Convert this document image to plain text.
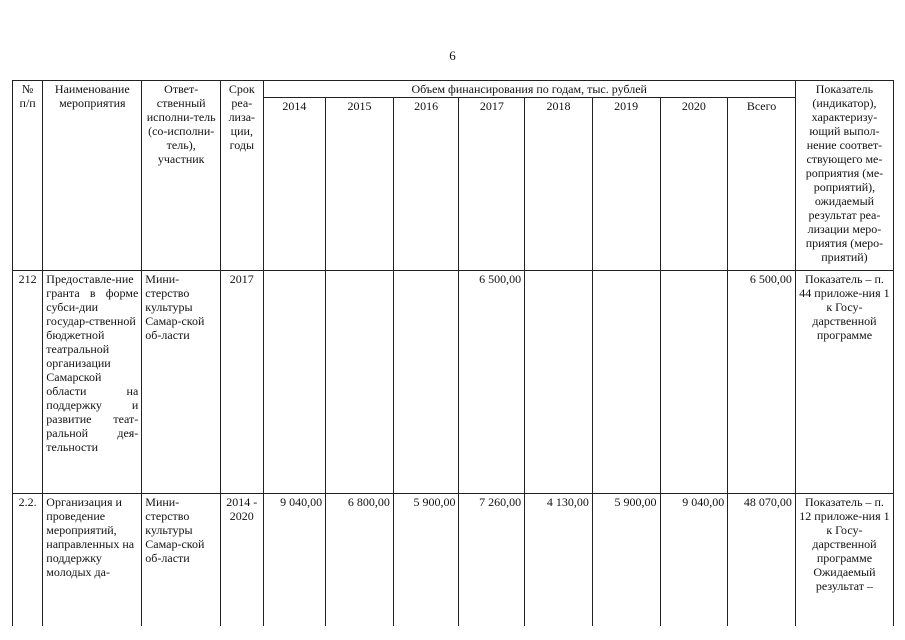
6
№ п/п	Наименование мероприятия	Ответ-ственный исполни-тель (со-исполни-тель), участник	Срок реа-лиза-ции, годы	Объем финансирования по годам, тыс. рублей								Показатель (индикатор), характеризу-ющий выпол-нение соответ-ствующего ме-роприятия (ме-роприятий), ожидаемый результат реа-лизации меро-приятия (меро-приятий)
				2014	2015	2016	2017	2018	2019	2020	Всего	
212	Предоставле-ние гранта в форме субси-дии государ-ственной бюджетной театральной организации Самарской области на поддержку и развитие теат-ральной дея-тельности	Мини-стерство культуры Самар-ской об-ласти	2017				6 500,00				6 500,00	Показатель – п. 44 приложе-ния 1 к Госу-дарственной программе
2.2.	Организация и проведение мероприятий, направленных на поддержку молодых да-	Мини-стерство культуры Самар-ской об-ласти	2014 - 2020	9 040,00	6 800,00	5 900,00	7 260,00	4 130,00	5 900,00	9 040,00	48 070,00	Показатель – п. 12 приложе-ния 1 к Госу-дарственной программе Ожидаемый результат –
